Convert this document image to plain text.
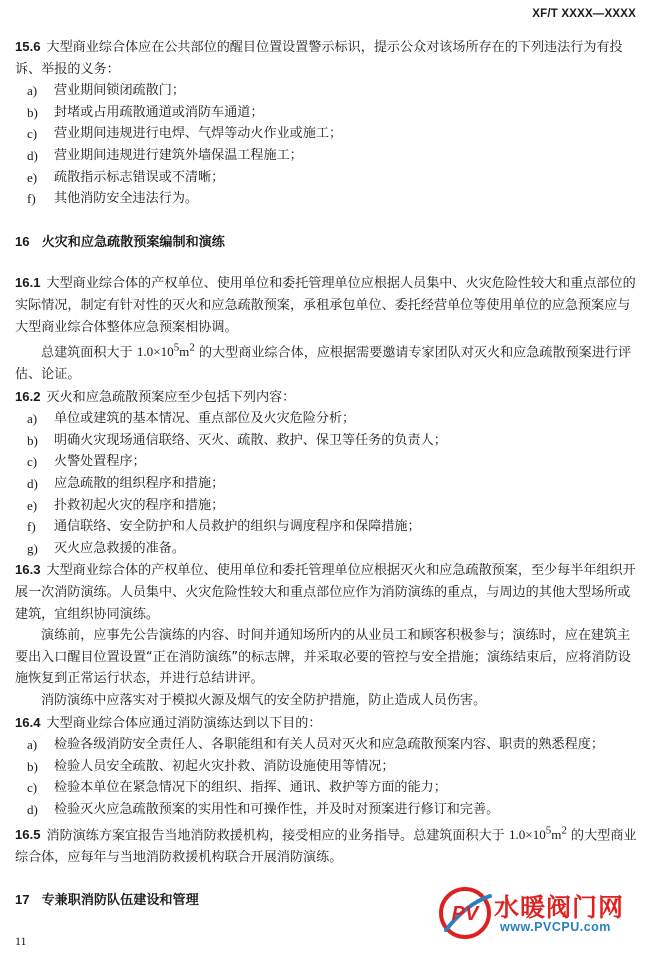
XF/T XXXX—XXXX

15.6 大型商业综合体应在公共部位的醒目位置设置警示标识，提示公众对该场所存在的下列违法行为有投诉、举报的义务：

a)	营业期间锁闭疏散门；
b)	封堵或占用疏散通道或消防车通道；
c)	营业期间违规进行电焊、气焊等动火作业或施工；
d)	营业期间违规进行建筑外墙保温工程施工；
e)	疏散指示标志错误或不清晰；
f)	其他消防安全违法行为。
16 火灾和应急疏散预案编制和演练

16.1 大型商业综合体的产权单位、使用单位和委托管理单位应根据人员集中、火灾危险性较大和重点部位的实际情况，制定有针对性的灭火和应急疏散预案，承租承包单位、委托经营单位等使用单位的应急预案应与大型商业综合体整体应急预案相协调。

总建筑面积大于 $1.0\times 10^5m^2$ 的大型商业综合体，应根据需要邀请专家团队对灭火和应急疏散预案进行评估、论证。

16.2 灭火和应急疏散预案应至少包括下列内容：

a)	单位或建筑的基本情况、重点部位及火灾危险分析；
b)	明确火灾现场通信联络、灭火、疏散、救护、保卫等任务的负责人；
c)	火警处置程序；
d)	应急疏散的组织程序和措施；
e)	扑救初起火灾的程序和措施；
f)	通信联络、安全防护和人员救护的组织与调度程序和保障措施；
g)	灭火应急救援的准备。

16.3 大型商业综合体的产权单位、使用单位和委托管理单位应根据灭火和应急疏散预案，至少每半年组织开展一次消防演练。人员集中、火灾危险性较大和重点部位应作为消防演练的重点，与周边的其他大型场所或建筑，宜组织协同演练。

演练前，应事先公告演练的内容、时间并通知场所内的从业员工和顾客积极参与；演练时，应在建筑主要出入口醒目位置设置“正在消防演练”的标志牌，并采取必要的管控与安全措施；演练结束后，应将消防设施恢复到正常运行状态，并进行总结讲评。

消防演练中应落实对于模拟火源及烟气的安全防护措施，防止造成人员伤害。

16.4 大型商业综合体应通过消防演练达到以下目的：

a)	检验各级消防安全责任人、各职能组和有关人员对灭火和应急疏散预案内容、职责的熟悉程度；
b)	检验人员安全疏散、初起火灾扑救、消防设施使用等情况；
c)	检验本单位在紧急情况下的组织、指挥、通讯、救护等方面的能力；
d)	检验灭火应急疏散预案的实用性和可操作性，并及时对预案进行修订和完善。

16.5 消防演练方案宜报告当地消防救援机构，接受相应的业务指导。总建筑面积大于 $1.0\times 10^5m^2$ 的大型商业综合体，应每年与当地消防救援机构联合开展消防演练。

17 专兼职消防队伍建设和管理
11
PV 水暖阀门网
www.PVCPU.com
